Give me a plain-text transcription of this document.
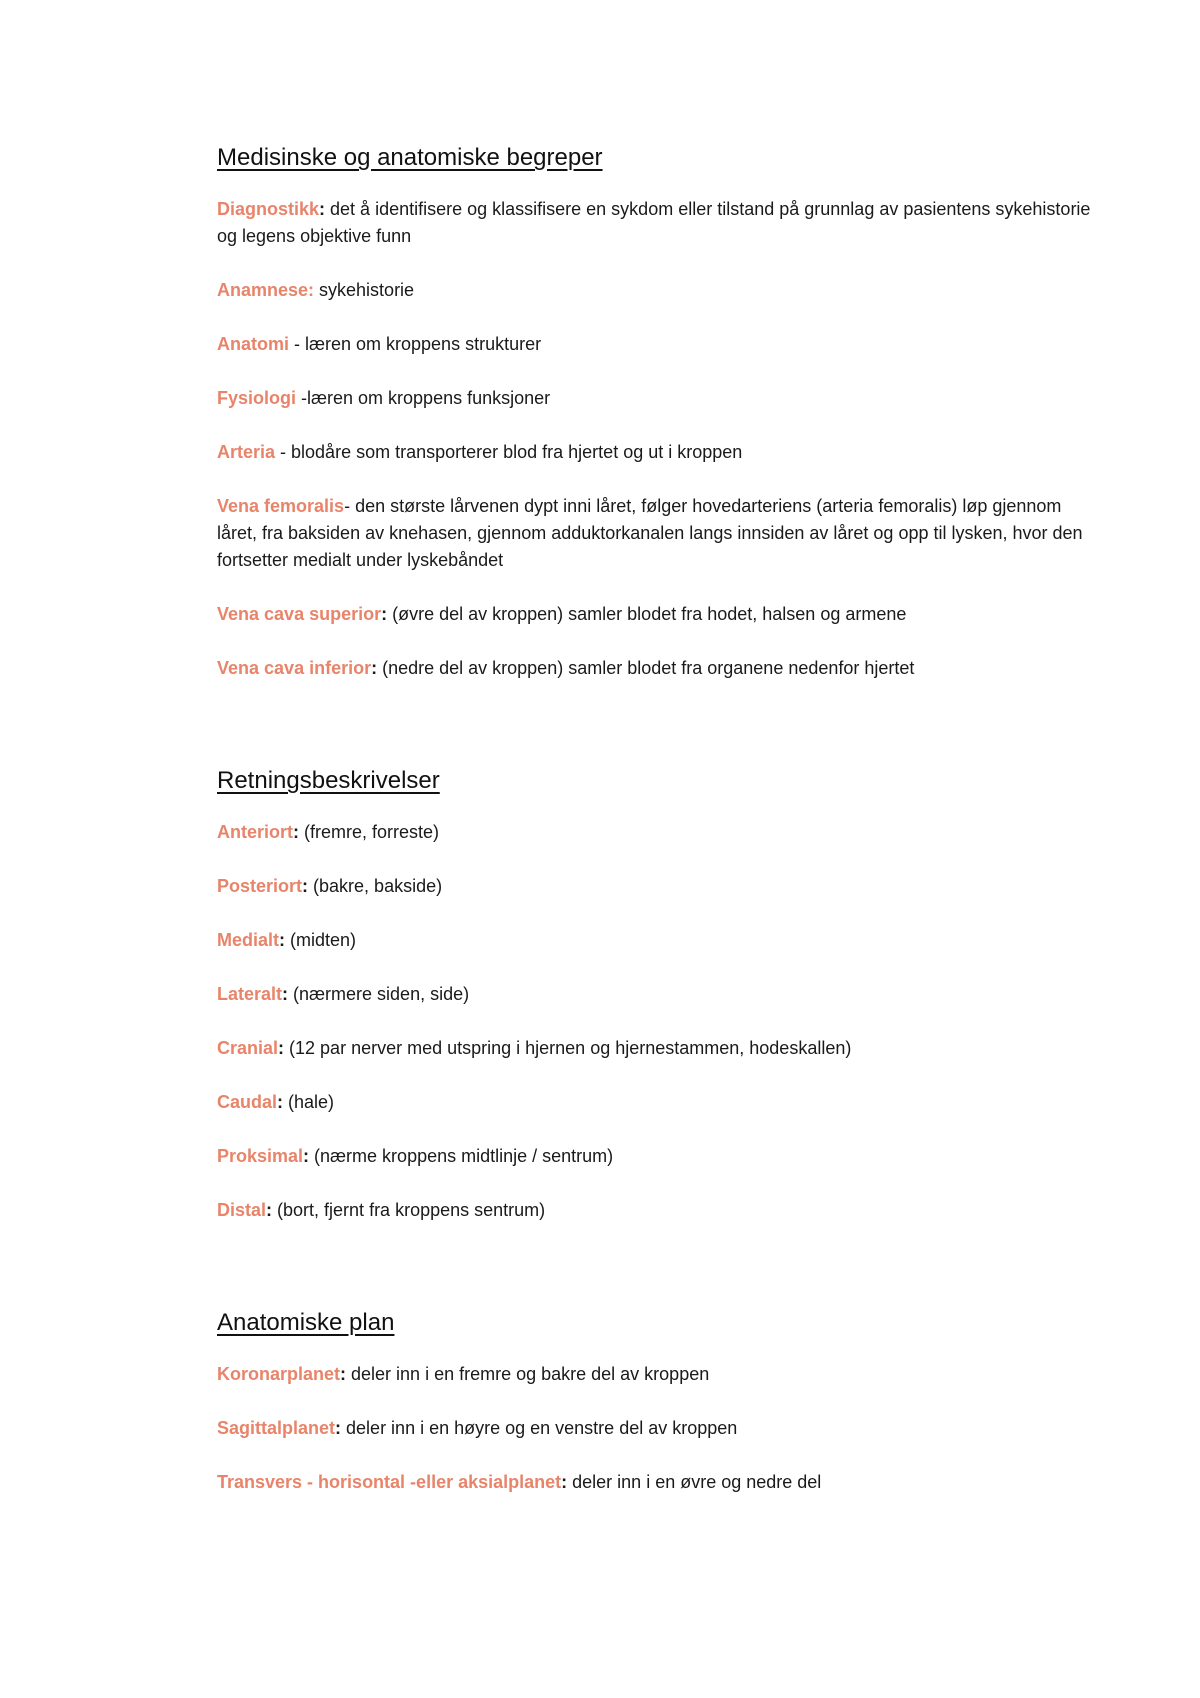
Medisinske og anatomiske begreper

Diagnostikk: det å identifisere og klassifisere en sykdom eller tilstand på grunnlag av pasientens sykehistorie og legens objektive funn

Anamnese: sykehistorie

Anatomi - læren om kroppens strukturer

Fysiologi -læren om kroppens funksjoner

Arteria - blodåre som transporterer blod fra hjertet og ut i kroppen

Vena femoralis- den største lårvenen dypt inni låret, følger hovedarteriens (arteria femoralis) løp gjennom låret, fra baksiden av knehasen, gjennom adduktorkanalen langs innsiden av låret og opp til lysken, hvor den fortsetter medialt under lyskebåndet

Vena cava superior: (øvre del av kroppen) samler blodet fra hodet, halsen og armene

Vena cava inferior: (nedre del av kroppen) samler blodet fra organene nedenfor hjertet

Retningsbeskrivelser

Anteriort: (fremre, forreste)

Posteriort: (bakre, bakside)

Medialt: (midten)

Lateralt: (nærmere siden, side)

Cranial: (12 par nerver med utspring i hjernen og hjernestammen, hodeskallen)

Caudal: (hale)

Proksimal: (nærme kroppens midtlinje / sentrum)

Distal: (bort, fjernt fra kroppens sentrum)

Anatomiske plan

Koronarplanet: deler inn i en fremre og bakre del av kroppen

Sagittalplanet: deler inn i en høyre og en venstre del av kroppen

Transvers - horisontal -eller aksialplanet: deler inn i en øvre og nedre del
